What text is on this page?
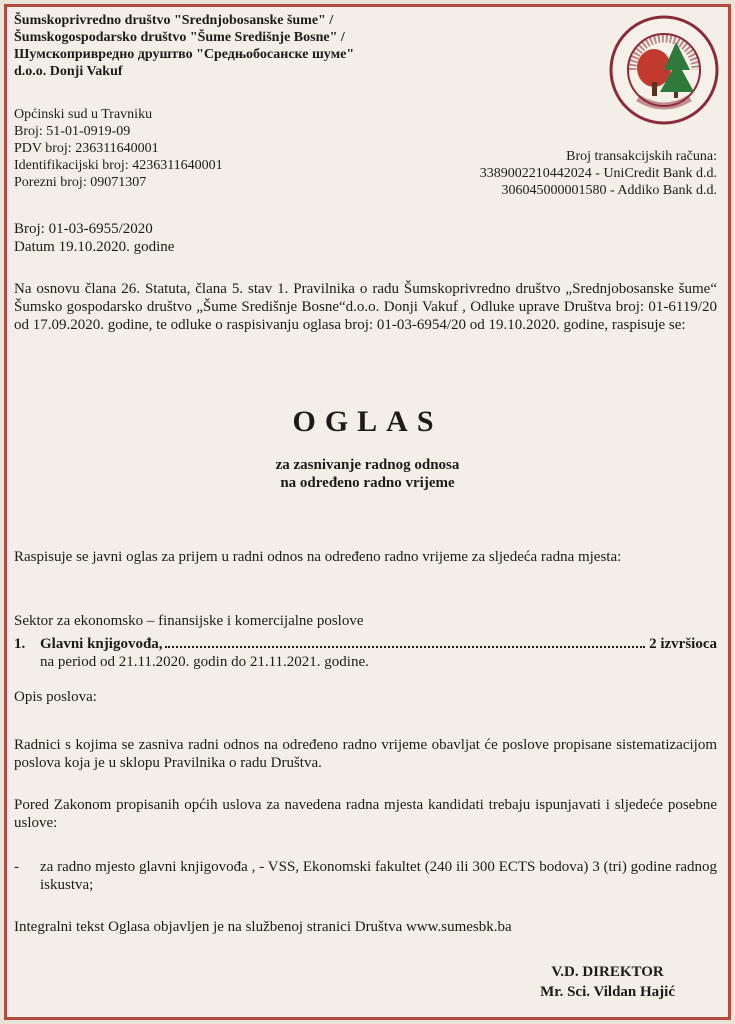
Šumskoprivredno društvo "Srednjobosanske šume" /
Šumskogospodarsko društvo "Šume Središnje Bosne" /
Шумскопривредно друштво "Средњобосанске шуме"
d.o.o. Donji Vakuf
Općinski sud u Travniku
Broj: 51-01-0919-09
PDV broj: 236311640001
Identifikacijski broj: 4236311640001
Porezni broj: 09071307
Broj transakcijskih računa:
3389002210442024 - UniCredit Bank d.d.
306045000001580 - Addiko Bank d.d.
Broj: 01-03-6955/2020
Datum 19.10.2020. godine
Na osnovu člana 26. Statuta, člana 5. stav 1. Pravilnika o radu Šumskoprivredno društvo „Srednjobosanske šume“ Šumsko gospodarsko društvo „Šume Središnje Bosne“d.o.o. Donji Vakuf , Odluke uprave Društva broj: 01-6119/20 od 17.09.2020. godine, te odluke o raspisivanju oglasa broj: 01-03-6954/20 od 19.10.2020. godine, raspisuje se:
OGLAS
za zasnivanje radnog odnosa
na određeno radno vrijeme
Raspisuje se javni oglas za prijem u radni odnos na određeno radno vrijeme za sljedeća radna mjesta:
Sektor za ekonomsko – finansijske i komercijalne poslove
1. Glavni knjigovođa,	2 izvršioca
na period od 21.11.2020. godin do 21.11.2021. godine.
Opis poslova:
Radnici s kojima se zasniva radni odnos na određeno radno vrijeme obavljat će poslove propisane sistematizacijom poslova koja je u sklopu Pravilnika o radu Društva.
Pored Zakonom propisanih općih uslova za navedena radna mjesta kandidati trebaju ispunjavati i sljedeće posebne uslove:
-	za radno mjesto glavni knjigovođa , - VSS, Ekonomski fakultet (240 ili 300 ECTS bodova) 3 (tri) godine radnog iskustva;
Integralni tekst Oglasa objavljen je na službenoj stranici Društva www.sumesbk.ba
V.D. DIREKTOR
Mr. Sci. Vildan Hajić
